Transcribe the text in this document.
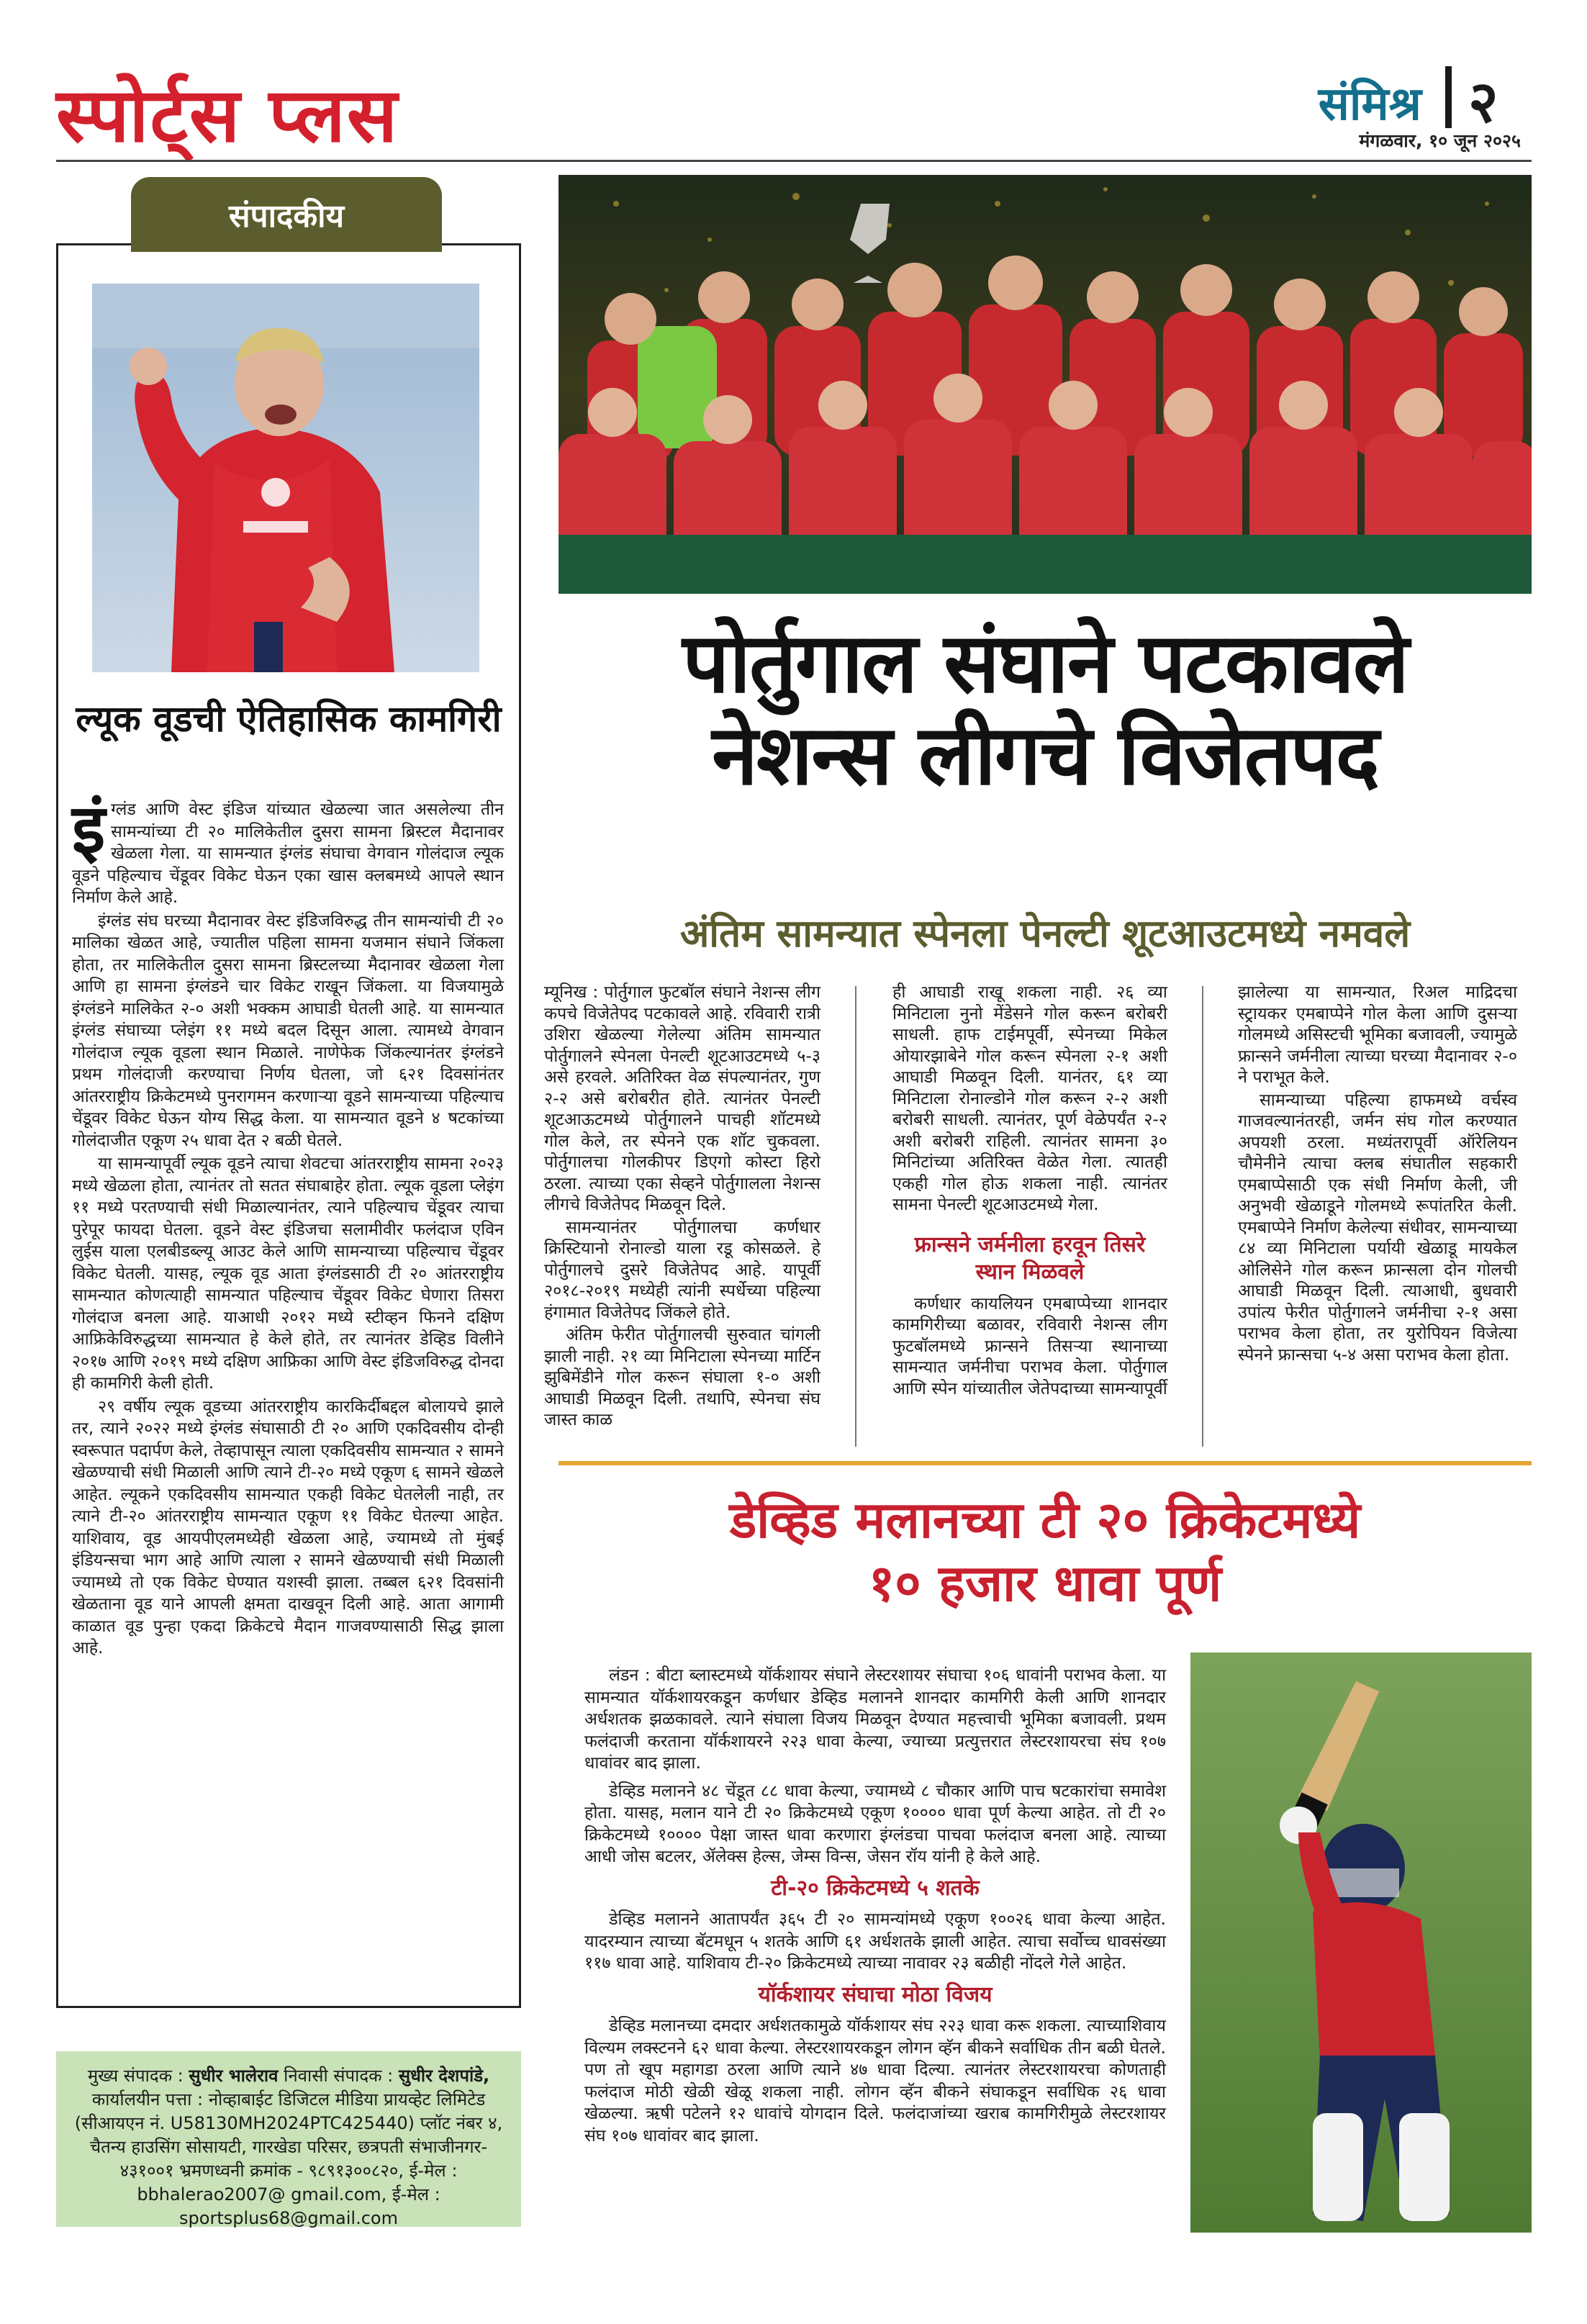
स्पोर्ट्स प्लस	संमिश्र २
मंगळवार, १० जून २०२५
संपादकीय
ल्यूक वूडची ऐतिहासिक कामगिरी

इंग्लंड आणि वेस्ट इंडिज यांच्यात खेळल्या जात असलेल्या तीन सामन्यांच्या टी २० मालिकेतील दुसरा सामना ब्रिस्टल मैदानावर खेळला गेला. या सामन्यात इंग्लंड संघाचा वेगवान गोलंदाज ल्यूक वूडने पहिल्याच चेंडूवर विकेट घेऊन एका खास क्लबमध्ये आपले स्थान निर्माण केले आहे.

इंग्लंड संघ घरच्या मैदानावर वेस्ट इंडिजविरुद्ध तीन सामन्यांची टी २० मालिका खेळत आहे, ज्यातील पहिला सामना यजमान संघाने जिंकला होता, तर मालिकेतील दुसरा सामना ब्रिस्टलच्या मैदानावर खेळला गेला आणि हा सामना इंग्लंडने चार विकेट राखून जिंकला. या विजयामुळे इंग्लंडने मालिकेत २-० अशी भक्कम आघाडी घेतली आहे. या सामन्यात इंग्लंड संघाच्या प्लेइंग ११ मध्ये बदल दिसून आला. त्यामध्ये वेगवान गोलंदाज ल्यूक वूडला स्थान मिळाले. नाणेफेक जिंकल्यानंतर इंग्लंडने प्रथम गोलंदाजी करण्याचा निर्णय घेतला, जो ६२१ दिवसांनंतर आंतरराष्ट्रीय क्रिकेटमध्ये पुनरागमन करणाऱ्या वूडने सामन्याच्या पहिल्याच चेंडूवर विकेट घेऊन योग्य सिद्ध केला. या सामन्यात वूडने ४ षटकांच्या गोलंदाजीत एकूण २५ धावा देत २ बळी घेतले.

या सामन्यापूर्वी ल्यूक वूडने त्याचा शेवटचा आंतरराष्ट्रीय सामना २०२३ मध्ये खेळला होता, त्यानंतर तो सतत संघाबाहेर होता. ल्यूक वूडला प्लेइंग ११ मध्ये परतण्याची संधी मिळाल्यानंतर, त्याने पहिल्याच चेंडूवर त्याचा पुरेपूर फायदा घेतला. वूडने वेस्ट इंडिजचा सलामीवीर फलंदाज एविन लुईस याला एलबीडब्ल्यू आउट केले आणि सामन्याच्या पहिल्याच चेंडूवर विकेट घेतली. यासह, ल्यूक वूड आता इंग्लंडसाठी टी २० आंतरराष्ट्रीय सामन्यात कोणत्याही सामन्यात पहिल्याच चेंडूवर विकेट घेणारा तिसरा गोलंदाज बनला आहे. याआधी २०१२ मध्ये स्टीव्हन फिनने दक्षिण आफ्रिकेविरुद्धच्या सामन्यात हे केले होते, तर त्यानंतर डेव्हिड विलीने २०१७ आणि २०१९ मध्ये दक्षिण आफ्रिका आणि वेस्ट इंडिजविरुद्ध दोनदा ही कामगिरी केली होती.

२९ वर्षीय ल्यूक वूडच्या आंतरराष्ट्रीय कारकिर्दीबद्दल बोलायचे झाले तर, त्याने २०२२ मध्ये इंग्लंड संघासाठी टी २० आणि एकदिवसीय दोन्ही स्वरूपात पदार्पण केले, तेव्हापासून त्याला एकदिवसीय सामन्यात २ सामने खेळण्याची संधी मिळाली आणि त्याने टी-२० मध्ये एकूण ६ सामने खेळले आहेत. ल्यूकने एकदिवसीय सामन्यात एकही विकेट घेतलेली नाही, तर त्याने टी-२० आंतरराष्ट्रीय सामन्यात एकूण ११ विकेट घेतल्या आहेत. याशिवाय, वूड आयपीएलमध्येही खेळला आहे, ज्यामध्ये तो मुंबई इंडियन्सचा भाग आहे आणि त्याला २ सामने खेळण्याची संधी मिळाली ज्यामध्ये तो एक विकेट घेण्यात यशस्वी झाला. तब्बल ६२१ दिवसांनी खेळताना वूड याने आपली क्षमता दाखवून दिली आहे. आता आगामी काळात वूड पुन्हा एकदा क्रिकेटचे मैदान गाजवण्यासाठी सिद्ध झाला आहे.

मुख्य संपादक : सुधीर भालेराव निवासी संपादक : सुधीर देशपांडे, कार्यालयीन पत्ता : नोव्हाबाईट डिजिटल मीडिया प्रायव्हेट लिमिटेड (सीआयएन नं. U58130MH2024PTC425440) प्लॉट नंबर ४, चैतन्य हाउसिंग सोसायटी, गारखेडा परिसर, छत्रपती संभाजीनगर- ४३१००१ भ्रमणध्वनी क्रमांक - ९८९१३००८२०, ई-मेल : bbhalerao2007@ gmail.com, ई-मेल : sportsplus68@gmail.com
पोर्तुगाल संघाने पटकावले
नेशन्स लीगचे विजेतपद
अंतिम सामन्यात स्पेनला पेनल्टी शूटआउटमध्ये नमवले

म्यूनिख : पोर्तुगाल फुटबॉल संघाने नेशन्स लीग कपचे विजेतेपद पटकावले आहे. रविवारी रात्री उशिरा खेळल्या गेलेल्या अंतिम सामन्यात पोर्तुगालने स्पेनला पेनल्टी शूटआउटमध्ये ५-३ असे हरवले. अतिरिक्त वेळ संपल्यानंतर, गुण २-२ असे बरोबरीत होते. त्यानंतर पेनल्टी शूटआऊटमध्ये पोर्तुगालने पाचही शॉटमध्ये गोल केले, तर स्पेनने एक शॉट चुकवला. पोर्तुगालचा गोलकीपर डिएगो कोस्टा हिरो ठरला. त्याच्या एका सेव्हने पोर्तुगालला नेशन्स लीगचे विजेतेपद मिळवून दिले.

सामन्यानंतर पोर्तुगालचा कर्णधार क्रिस्टियानो रोनाल्डो याला रडू कोसळले. हे पोर्तुगालचे दुसरे विजेतेपद आहे. यापूर्वी २०१८-२०१९ मध्येही त्यांनी स्पर्धेच्या पहिल्या हंगामात विजेतेपद जिंकले होते.

अंतिम फेरीत पोर्तुगालची सुरुवात चांगली झाली नाही. २१ व्या मिनिटाला स्पेनच्या मार्टिन झुबिमेंडीने गोल करून संघाला १-० अशी आघाडी मिळवून दिली. तथापि, स्पेनचा संघ जास्त काळ

ही आघाडी राखू शकला नाही. २६ व्या मिनिटाला नुनो मेंडेसने गोल करून बरोबरी साधली. हाफ टाईमपूर्वी, स्पेनच्या मिकेल ओयारझाबेने गोल करून स्पेनला २-१ अशी आघाडी मिळवून दिली. यानंतर, ६१ व्या मिनिटाला रोनाल्डोने गोल करून २-२ अशी बरोबरी साधली. त्यानंतर, पूर्ण वेळेपर्यंत २-२ अशी बरोबरी राहिली. त्यानंतर सामना ३० मिनिटांच्या अतिरिक्त वेळेत गेला. त्यातही एकही गोल होऊ शकला नाही. त्यानंतर सामना पेनल्टी शूटआउटमध्ये गेला.

फ्रान्सने जर्मनीला हरवून तिसरे स्थान मिळवले

कर्णधार कायलियन एमबाप्पेच्या शानदार कामगिरीच्या बळावर, रविवारी नेशन्स लीग फुटबॉलमध्ये फ्रान्सने तिसऱ्या स्थानाच्या सामन्यात जर्मनीचा पराभव केला. पोर्तुगाल आणि स्पेन यांच्यातील जेतेपदाच्या सामन्यापूर्वी

झालेल्या या सामन्यात, रिअल माद्रिदचा स्ट्रायकर एमबाप्पेने गोल केला आणि दुसऱ्या गोलमध्ये असिस्टची भूमिका बजावली, ज्यामुळे फ्रान्सने जर्मनीला त्याच्या घरच्या मैदानावर २-० ने पराभूत केले.

सामन्याच्या पहिल्या हाफमध्ये वर्चस्व गाजवल्यानंतरही, जर्मन संघ गोल करण्यात अपयशी ठरला. मध्यंतरापूर्वी ऑरेलियन चौमेनीने त्याचा क्लब संघातील सहकारी एमबाप्पेसाठी एक संधी निर्माण केली, जी अनुभवी खेळाडूने गोलमध्ये रूपांतरित केली. एमबाप्पेने निर्माण केलेल्या संधीवर, सामन्याच्या ८४ व्या मिनिटाला पर्यायी खेळाडू मायकेल ओलिसेने गोल करून फ्रान्सला दोन गोलची आघाडी मिळवून दिली. त्याआधी, बुधवारी उपांत्य फेरीत पोर्तुगालने जर्मनीचा २-१ असा पराभव केला होता, तर युरोपियन विजेत्या स्पेनने फ्रान्सचा ५-४ असा पराभव केला होता.

डेव्हिड मलानच्या टी २० क्रिकेटमध्ये
१० हजार धावा पूर्ण

लंडन : बीटा ब्लास्टमध्ये यॉर्कशायर संघाने लेस्टरशायर संघाचा १०६ धावांनी पराभव केला. या सामन्यात यॉर्कशायरकडून कर्णधार डेव्हिड मलानने शानदार कामगिरी केली आणि शानदार अर्धशतक झळकावले. त्याने संघाला विजय मिळवून देण्यात महत्त्वाची भूमिका बजावली. प्रथम फलंदाजी करताना यॉर्कशायरने २२३ धावा केल्या, ज्याच्या प्रत्युत्तरात लेस्टरशायरचा संघ १०७ धावांवर बाद झाला.

डेव्हिड मलानने ४८ चेंडूत ८८ धावा केल्या, ज्यामध्ये ८ चौकार आणि पाच षटकारांचा समावेश होता. यासह, मलान याने टी २० क्रिकेटमध्ये एकूण १०००० धावा पूर्ण केल्या आहेत. तो टी २० क्रिकेटमध्ये १०००० पेक्षा जास्त धावा करणारा इंग्लंडचा पाचवा फलंदाज बनला आहे. त्याच्या आधी जोस बटलर, ॲलेक्स हेल्स, जेम्स विन्स, जेसन रॉय यांनी हे केले आहे.

टी-२० क्रिकेटमध्ये ५ शतके

डेव्हिड मलानने आतापर्यंत ३६५ टी २० सामन्यांमध्ये एकूण १००२६ धावा केल्या आहेत. यादरम्यान त्याच्या बॅटमधून ५ शतके आणि ६१ अर्धशतके झाली आहेत. त्याचा सर्वोच्च धावसंख्या ११७ धावा आहे. याशिवाय टी-२० क्रिकेटमध्ये त्याच्या नावावर २३ बळीही नोंदले गेले आहेत.

यॉर्कशायर संघाचा मोठा विजय

डेव्हिड मलानच्या दमदार अर्धशतकामुळे यॉर्कशायर संघ २२३ धावा करू शकला. त्याच्याशिवाय विल्यम लक्स्टनने ६२ धावा केल्या. लेस्टरशायरकडून लोगन व्हॅन बीकने सर्वाधिक तीन बळी घेतले. पण तो खूप महागडा ठरला आणि त्याने ४७ धावा दिल्या. त्यानंतर लेस्टरशायरचा कोणताही फलंदाज मोठी खेळी खेळू शकला नाही. लोगन व्हॅन बीकने संघाकडून सर्वाधिक २६ धावा खेळल्या. ऋषी पटेलने १२ धावांचे योगदान दिले. फलंदाजांच्या खराब कामगिरीमुळे लेस्टरशायर संघ १०७ धावांवर बाद झाला.
